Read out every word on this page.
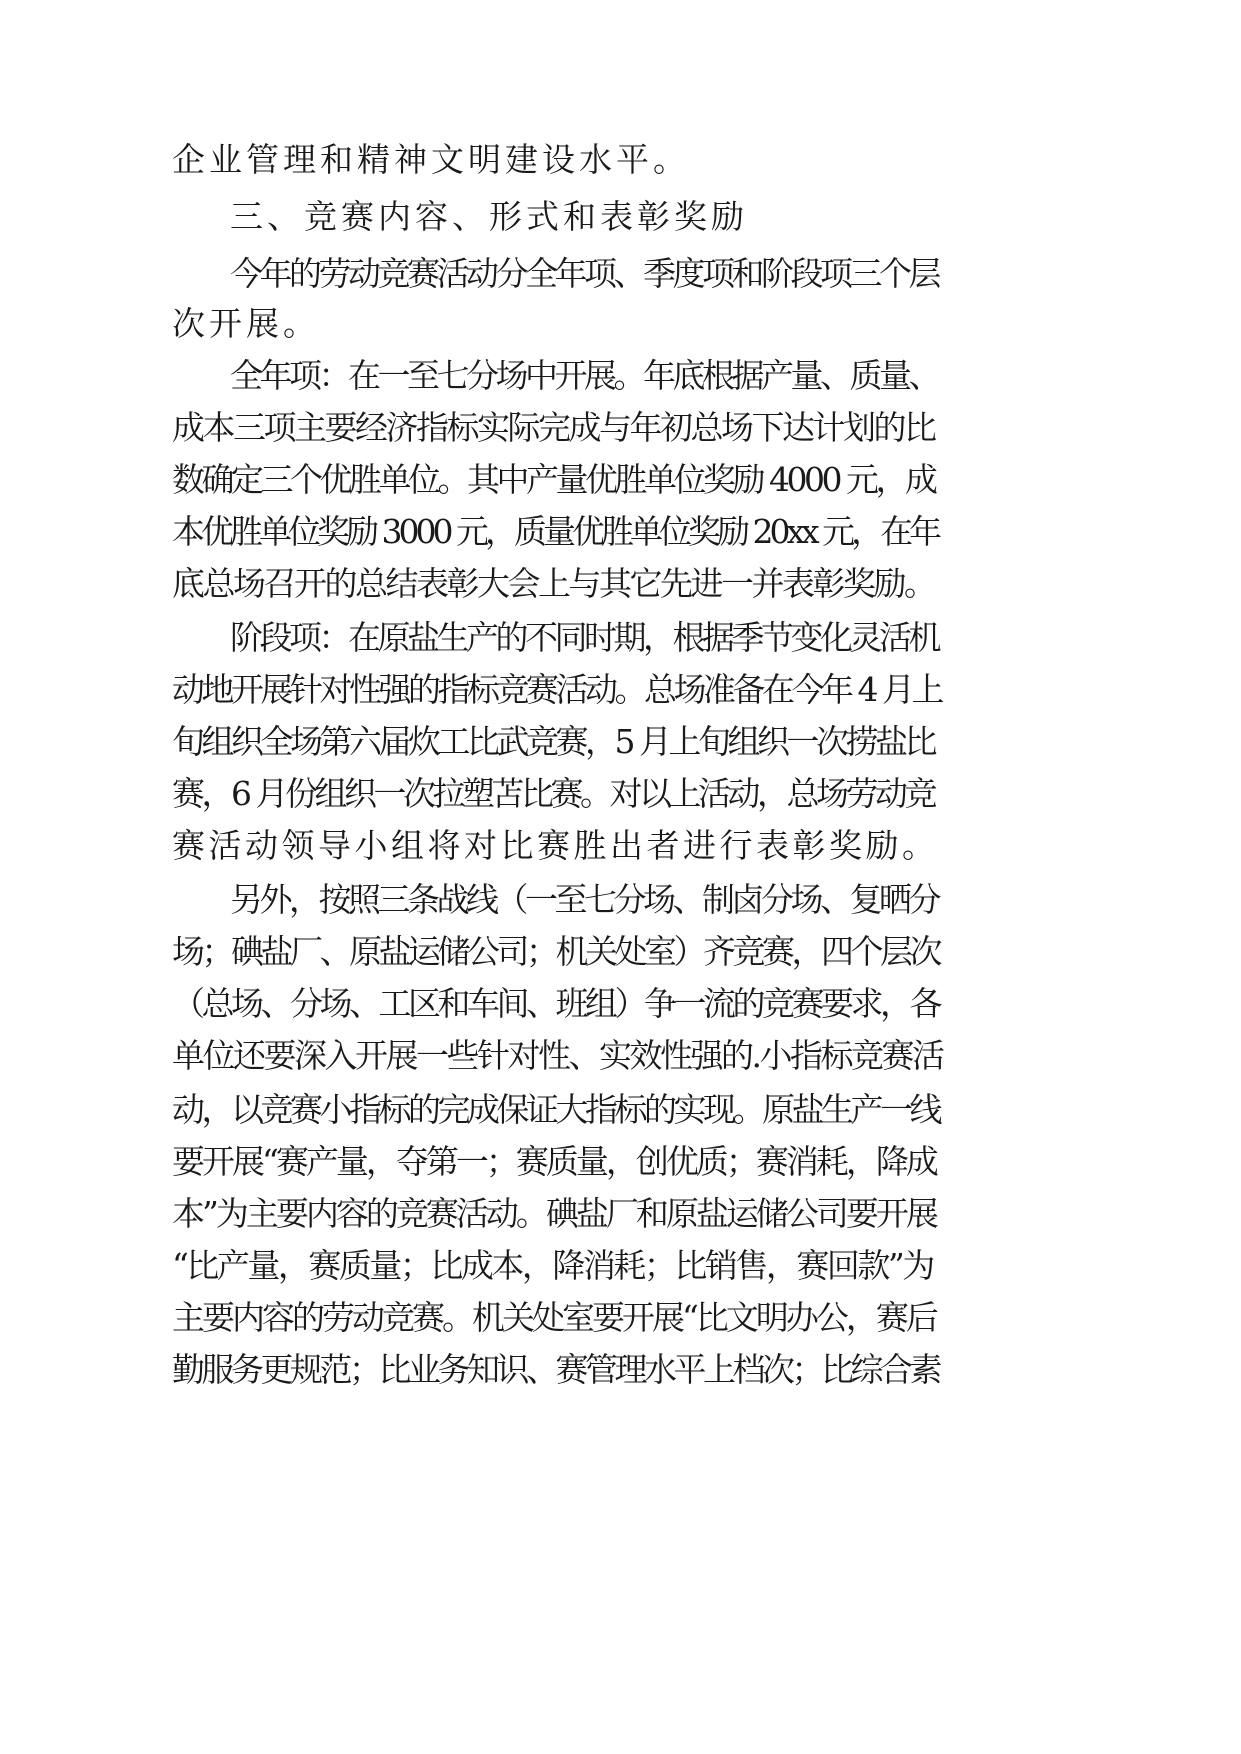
企业管理和精神文明建设水平。
三、竞赛内容、形式和表彰奖励
今年的劳动竞赛活动分全年项、季度项和阶段项三个层
次开展。
全年项：在一至七分场中开展。年底根据产量、质量、
成本三项主要经济指标实际完成与年初总场下达计划的比
数确定三个优胜单位。其中产量优胜单位奖励 4000 元，成
本优胜单位奖励 3000 元，质量优胜单位奖励 20xx 元，在年
底总场召开的总结表彰大会上与其它先进一并表彰奖励。
阶段项：在原盐生产的不同时期，根据季节变化灵活机
动地开展针对性强的指标竞赛活动。总场准备在今年 4 月上
旬组织全场第六届炊工比武竞赛，5 月上旬组织一次捞盐比
赛，6 月份组织一次拉塑苫比赛。对以上活动，总场劳动竞
赛活动领导小组将对比赛胜出者进行表彰奖励。
另外，按照三条战线（一至七分场、制卤分场、复晒分
场；碘盐厂、原盐运储公司；机关处室）齐竞赛，四个层次
（总场、分场、工区和车间、班组）争一流的竞赛要求，各
单位还要深入开展一些针对性、实效性强的.小指标竞赛活
动，以竞赛小指标的完成保证大指标的实现。原盐生产一线
要开展“赛产量，夺第一；赛质量，创优质；赛消耗，降成
本”为主要内容的竞赛活动。碘盐厂和原盐运储公司要开展
“比产量，赛质量；比成本，降消耗；比销售，赛回款”为
主要内容的劳动竞赛。机关处室要开展“比文明办公，赛后
勤服务更规范；比业务知识、赛管理水平上档次；比综合素
